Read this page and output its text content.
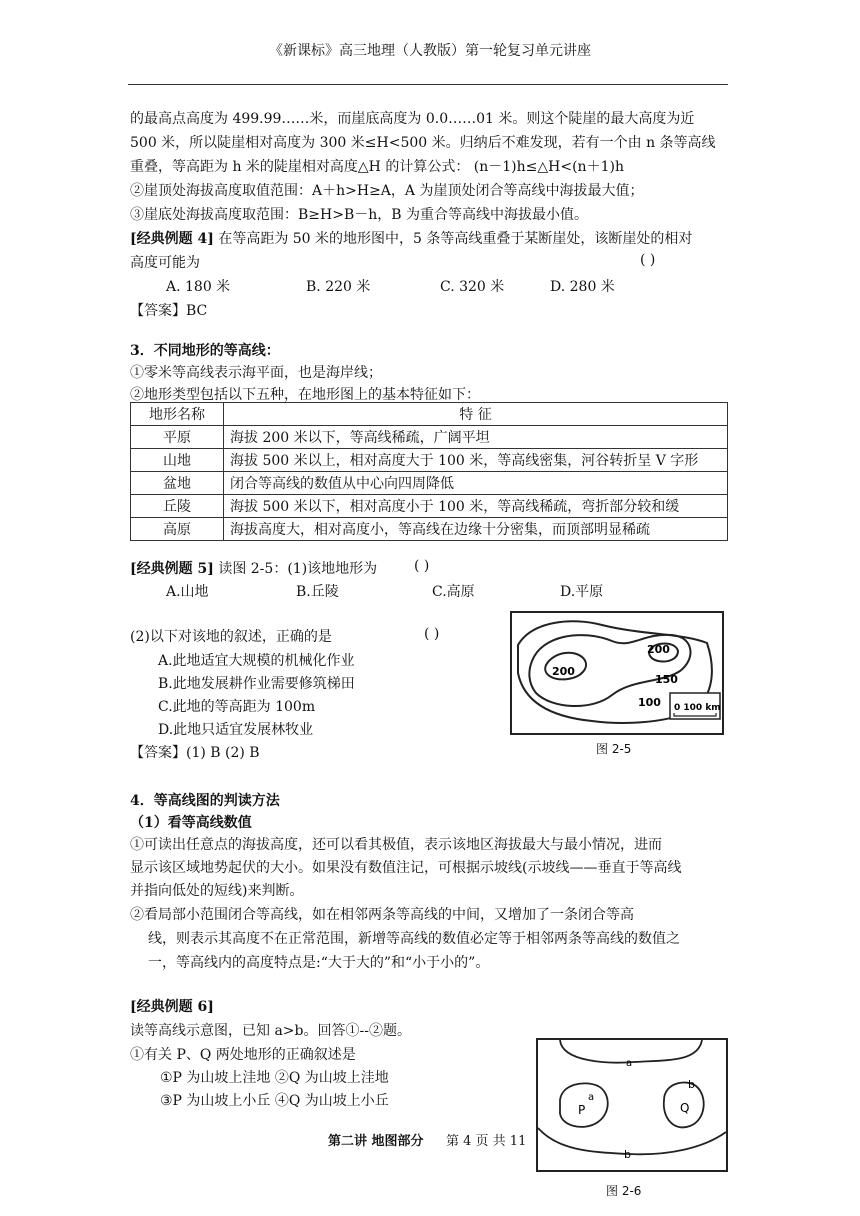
《新课标》高三地理（人教版）第一轮复习单元讲座
的最高点高度为 499.99……米，而崖底高度为 0.0……01 米。则这个陡崖的最大高度为近
500 米，所以陡崖相对高度为 300 米≤H<500 米。归纳后不难发现，若有一个由 n 条等高线
重叠，等高距为 h 米的陡崖相对高度△H 的计算公式： (n－1)h≤△H<(n＋1)h
②崖顶处海拔高度取值范围：A＋h>H≥A，A 为崖顶处闭合等高线中海拔最大值；
③崖底处海拔高度取范围：B≥H>B－h，B 为重合等高线中海拔最小值。
[经典例题 4] 在等高距为 50 米的地形图中，5 条等高线重叠于某断崖处，该断崖处的相对
高度可能为	( )
A. 180 米	B. 220 米	C. 320 米	D. 280 米
【答案】BC
3．不同地形的等高线：
①零米等高线表示海平面，也是海岸线；
②地形类型包括以下五种，在地形图上的基本特征如下：
地形名称	特 征
平原	海拔 200 米以下，等高线稀疏，广阔平坦
山地	海拔 500 米以上，相对高度大于 100 米，等高线密集，河谷转折呈 V 字形
盆地	闭合等高线的数值从中心向四周降低
丘陵	海拔 500 米以下，相对高度小于 100 米，等高线稀疏，弯折部分较和缓
高原	海拔高度大，相对高度小，等高线在边缘十分密集，而顶部明显稀疏
[经典例题 5] 读图 2-5：(1)该地地形为	( )
A.山地	B.丘陵	C.高原	D.平原
(2)以下对该地的叙述，正确的是	( )
A.此地适宜大规模的机械化作业
B.此地发展耕作业需要修筑梯田
C.此地的等高距为 100m
D.此地只适宜发展林牧业
【答案】(1) B (2) B
200
200
150
100 0 100 km
图 2-5
4．等高线图的判读方法
（1）看等高线数值
①可读出任意点的海拔高度，还可以看其极值，表示该地区海拔最大与最小情况，进而
显示该区域地势起伏的大小。如果没有数值注记，可根据示坡线(示坡线——垂直于等高线
并指向低处的短线)来判断。
②看局部小范围闭合等高线，如在相邻两条等高线的中间，又增加了一条闭合等高
线，则表示其高度不在正常范围，新增等高线的数值必定等于相邻两条等高线的数值之
一，等高线内的高度特点是:“大于大的”和“小于小的”。
[经典例题 6]
读等高线示意图，已知 a>b。回答①--②题。
①有关 P、Q 两处地形的正确叙述是
①P 为山坡上洼地 ②Q 为山坡上洼地
③P 为山坡上小丘 ④Q 为山坡上小丘
a
a
b
b
P	Q
第二讲 地图部分 第 4 页 共 11
图 2-6
